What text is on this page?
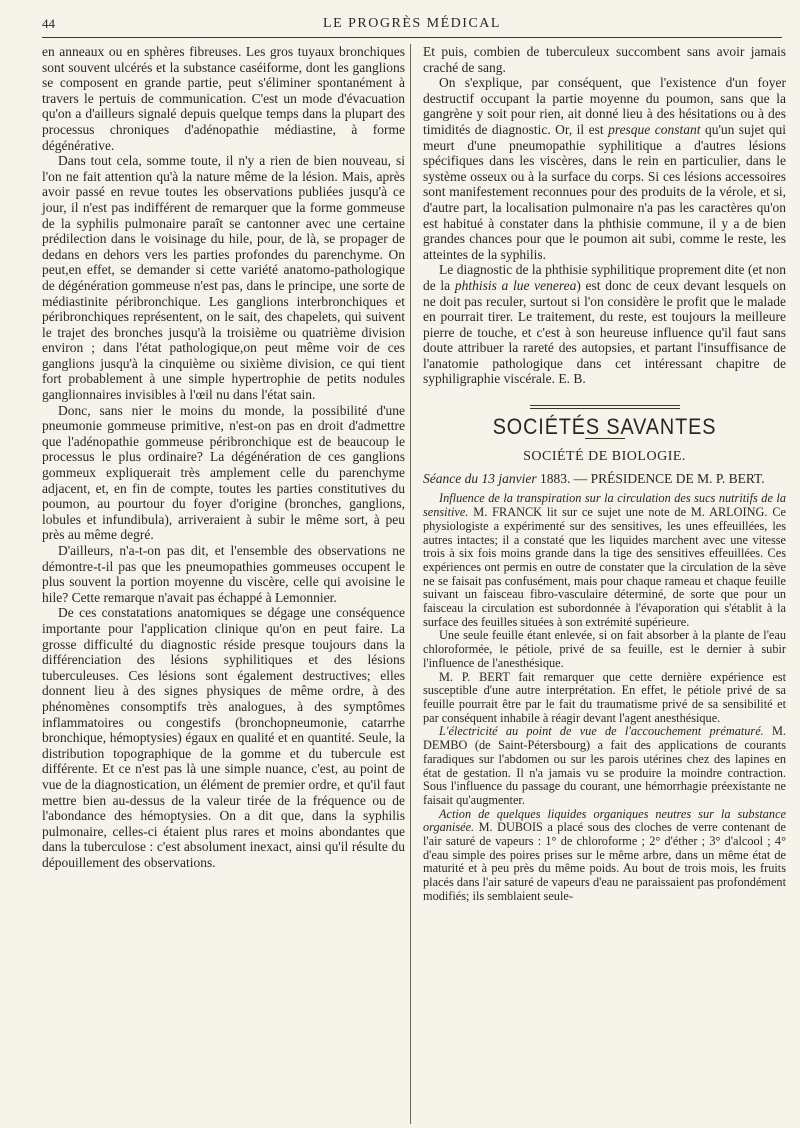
44	LE PROGRÈS MÉDICAL

en anneaux ou en sphères fibreuses. Les gros tuyaux bronchiques sont souvent ulcérés et la substance caséiforme, dont les ganglions se composent en grande partie, peut s'éliminer spontanément à travers le pertuis de communication. C'est un mode d'évacuation qu'on a d'ailleurs signalé depuis quelque temps dans la plupart des processus chroniques d'adénopathie médiastine, à forme dégénérative.

Dans tout cela, somme toute, il n'y a rien de bien nouveau, si l'on ne fait attention qu'à la nature même de la lésion. Mais, après avoir passé en revue toutes les observations publiées jusqu'à ce jour, il n'est pas indifférent de remarquer que la forme gommeuse de la syphilis pulmonaire paraît se cantonner avec une certaine prédilection dans le voisinage du hile, pour, de là, se propager de dedans en dehors vers les parties profondes du parenchyme. On peut,en effet, se demander si cette variété anatomo-pathologique de dégénération gommeuse n'est pas, dans le principe, une sorte de médiastinite péribronchique. Les ganglions interbronchiques et péribronchiques représentent, on le sait, des chapelets, qui suivent le trajet des bronches jusqu'à la troisième ou quatrième division environ ; dans l'état pathologique,on peut même voir de ces ganglions jusqu'à la cinquième ou sixième division, ce qui tient fort probablement à une simple hypertrophie de petits nodules ganglionnaires invisibles à l'œil nu dans l'état sain.

Donc, sans nier le moins du monde, la possibilité d'une pneumonie gommeuse primitive, n'est-on pas en droit d'admettre que l'adénopathie gommeuse péribronchique est de beaucoup le processus le plus ordinaire? La dégénération de ces ganglions gommeux expliquerait très amplement celle du parenchyme adjacent, et, en fin de compte, toutes les parties constitutives du poumon, au pourtour du foyer d'origine (bronches, ganglions, lobules et infundibula), arriveraient à subir le même sort, à peu près au même degré.

D'ailleurs, n'a-t-on pas dit, et l'ensemble des observations ne démontre-t-il pas que les pneumopathies gommeuses occupent le plus souvent la portion moyenne du viscère, celle qui avoisine le hile? Cette remarque n'avait pas échappé à Lemonnier.

De ces constatations anatomiques se dégage une conséquence importante pour l'application clinique qu'on en peut faire. La grosse difficulté du diagnostic réside presque toujours dans la différenciation des lésions syphilitiques et des lésions tuberculeuses. Ces lésions sont également destructives; elles donnent lieu à des signes physiques de même ordre, à des phénomènes consomptifs très analogues, à des symptômes inflammatoires ou congestifs (bronchopneumonie, catarrhe bronchique, hémoptysies) égaux en qualité et en quantité. Seule, la distribution topographique de la gomme et du tubercule est différente. Et ce n'est pas là une simple nuance, c'est, au point de vue de la diagnostication, un élément de premier ordre, et qu'il faut mettre bien au-dessus de la valeur tirée de la fréquence ou de l'abondance des hémoptysies. On a dit que, dans la syphilis pulmonaire, celles-ci étaient plus rares et moins abondantes que dans la tuberculose : c'est absolument inexact, ainsi qu'il résulte du dépouillement des observations.

Et puis, combien de tuberculeux succombent sans avoir jamais craché de sang.

On s'explique, par conséquent, que l'existence d'un foyer destructif occupant la partie moyenne du poumon, sans que la gangrène y soit pour rien, ait donné lieu à des hésitations ou à des timidités de diagnostic. Or, il est presque constant qu'un sujet qui meurt d'une pneumopathie syphilitique a d'autres lésions spécifiques dans les viscères, dans le rein en particulier, dans le système osseux ou à la surface du corps. Si ces lésions accessoires sont manifestement reconnues pour des produits de la vérole, et si, d'autre part, la localisation pulmonaire n'a pas les caractères qu'on est habitué à constater dans la phthisie commune, il y a de bien grandes chances pour que le poumon ait subi, comme le reste, les atteintes de la syphilis.

Le diagnostic de la phthisie syphilitique proprement dite (et non de la phthisis a lue venerea) est donc de ceux devant lesquels on ne doit pas reculer, surtout si l'on considère le profit que le malade en pourrait tirer. Le traitement, du reste, est toujours la meilleure pierre de touche, et c'est à son heureuse influence qu'il faut sans doute attribuer la rareté des autopsies, et partant l'insuffisance de l'anatomie pathologique dans cet intéressant chapitre de syphiligraphie viscérale. E. B.

SOCIÉTÉS SAVANTES
SOCIÉTÉ DE BIOLOGIE.

Séance du 13 janvier 1883. — PRÉSIDENCE DE M. P. BERT.

Influence de la transpiration sur la circulation des sucs nutritifs de la sensitive. M. FRANCK lit sur ce sujet une note de M. ARLOING. Ce physiologiste a expérimenté sur des sensitives, les unes effeuillées, les autres intactes; il a constaté que les liquides marchent avec une vitesse trois à six fois moins grande dans la tige des sensitives effeuillées. Ces expériences ont permis en outre de constater que la circulation de la sève ne se faisait pas confusément, mais pour chaque rameau et chaque feuille suivant un faisceau fibro-vasculaire déterminé, de sorte que pour un faisceau la circulation est subordonnée à l'évaporation qui s'établit à la surface des feuilles situées à son extrémité supérieure.

Une seule feuille étant enlevée, si on fait absorber à la plante de l'eau chloroformée, le pétiole, privé de sa feuille, est le dernier à subir l'influence de l'anesthésique.

M. P. BERT fait remarquer que cette dernière expérience est susceptible d'une autre interprétation. En effet, le pétiole privé de sa feuille pourrait être par le fait du traumatisme privé de sa sensibilité et par conséquent inhabile à réagir devant l'agent anesthésique.

L'électricité au point de vue de l'accouchement prématuré. M. DEMBO (de Saint-Pétersbourg) a fait des applications de courants faradiques sur l'abdomen ou sur les parois utérines chez des lapines en état de gestation. Il n'a jamais vu se produire la moindre contraction. Sous l'influence du passage du courant, une hémorrhagie préexistante ne faisait qu'augmenter.

Action de quelques liquides organiques neutres sur la substance organisée. M. DUBOIS a placé sous des cloches de verre contenant de l'air saturé de vapeurs : 1° de chloroforme ; 2° d'éther ; 3° d'alcool ; 4° d'eau simple des poires prises sur le même arbre, dans un même état de maturité et à peu près du même poids. Au bout de trois mois, les fruits placés dans l'air saturé de vapeurs d'eau ne paraissaient pas profondément modifiés; ils semblaient seule-
